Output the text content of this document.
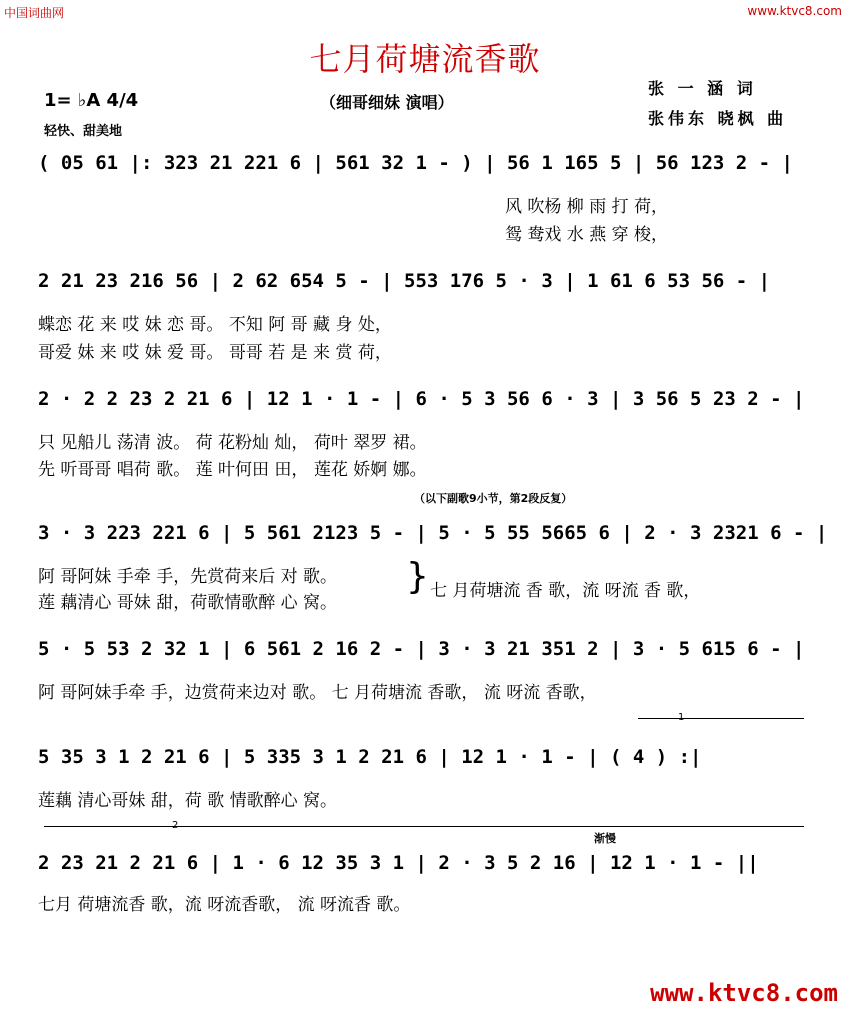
中国词曲网	www.ktvc8.com
七月荷塘流香歌
1= ♭A 4/4
轻快、甜美地
（细哥细妹 演唱）
张 一 涵 词
张伟东 晓枫 曲
( 05 61 |: 323 21 221 6 | 561 32 1 - ) | 56 1 165 5 | 56 123 2 - |
风 吹杨 柳 雨 打 荷，
鸳 鸯戏 水 燕 穿 梭，
2 21 23 216 56 | 2 62 654 5 - | 553 176 5 · 3 | 1 61 6 53 56 - |
蝶恋 花 来 哎 妹 恋 哥。 不知 阿 哥 藏 身 处，
哥爱 妹 来 哎 妹 爱 哥。 哥哥 若 是 来 赏 荷，
2 · 2 2 23 2 21 6 | 12 1 · 1 - | 6 · 5 3 56 6 · 3 | 3 56 5 23 2 - |
只 见船儿 荡清 波。 荷 花粉灿 灿， 荷叶 翠罗 裙。
先 听哥哥 唱荷 歌。 莲 叶何田 田， 莲花 娇婀 娜。
（以下副歌9小节，第2段反复）
3 · 3 223 221 6 | 5 561 2123 5 - | 5 · 5 55 5665 6 | 2 · 3 2321 6 - |
阿 哥阿妹 手牵 手，先赏荷来后 对 歌。
莲 藕清心 哥妹 甜，荷歌情歌醉 心 窝。
} 七 月荷塘流 香 歌，流 呀流 香 歌，
5 · 5 53 2 32 1 | 6 561 2 16 2 - | 3 · 3 21 351 2 | 3 · 5 615 6 - |
阿 哥阿妹手牵 手，边赏荷来边对 歌。 七 月荷塘流 香歌， 流 呀流 香歌，
1
5 35 3 1 2 21 6 | 5 335 3 1 2 21 6 | 12 1 · 1 - | ( 4 ) :|
莲藕 清心哥妹 甜，荷 歌 情歌醉心 窝。
2
渐慢
2 23 21 2 21 6 | 1 · 6 12 35 3 1 | 2 · 3 5 2 16 | 12 1 · 1 - ||
七月 荷塘流香 歌，流 呀流香歌， 流 呀流香 歌。
www.ktvc8.com
